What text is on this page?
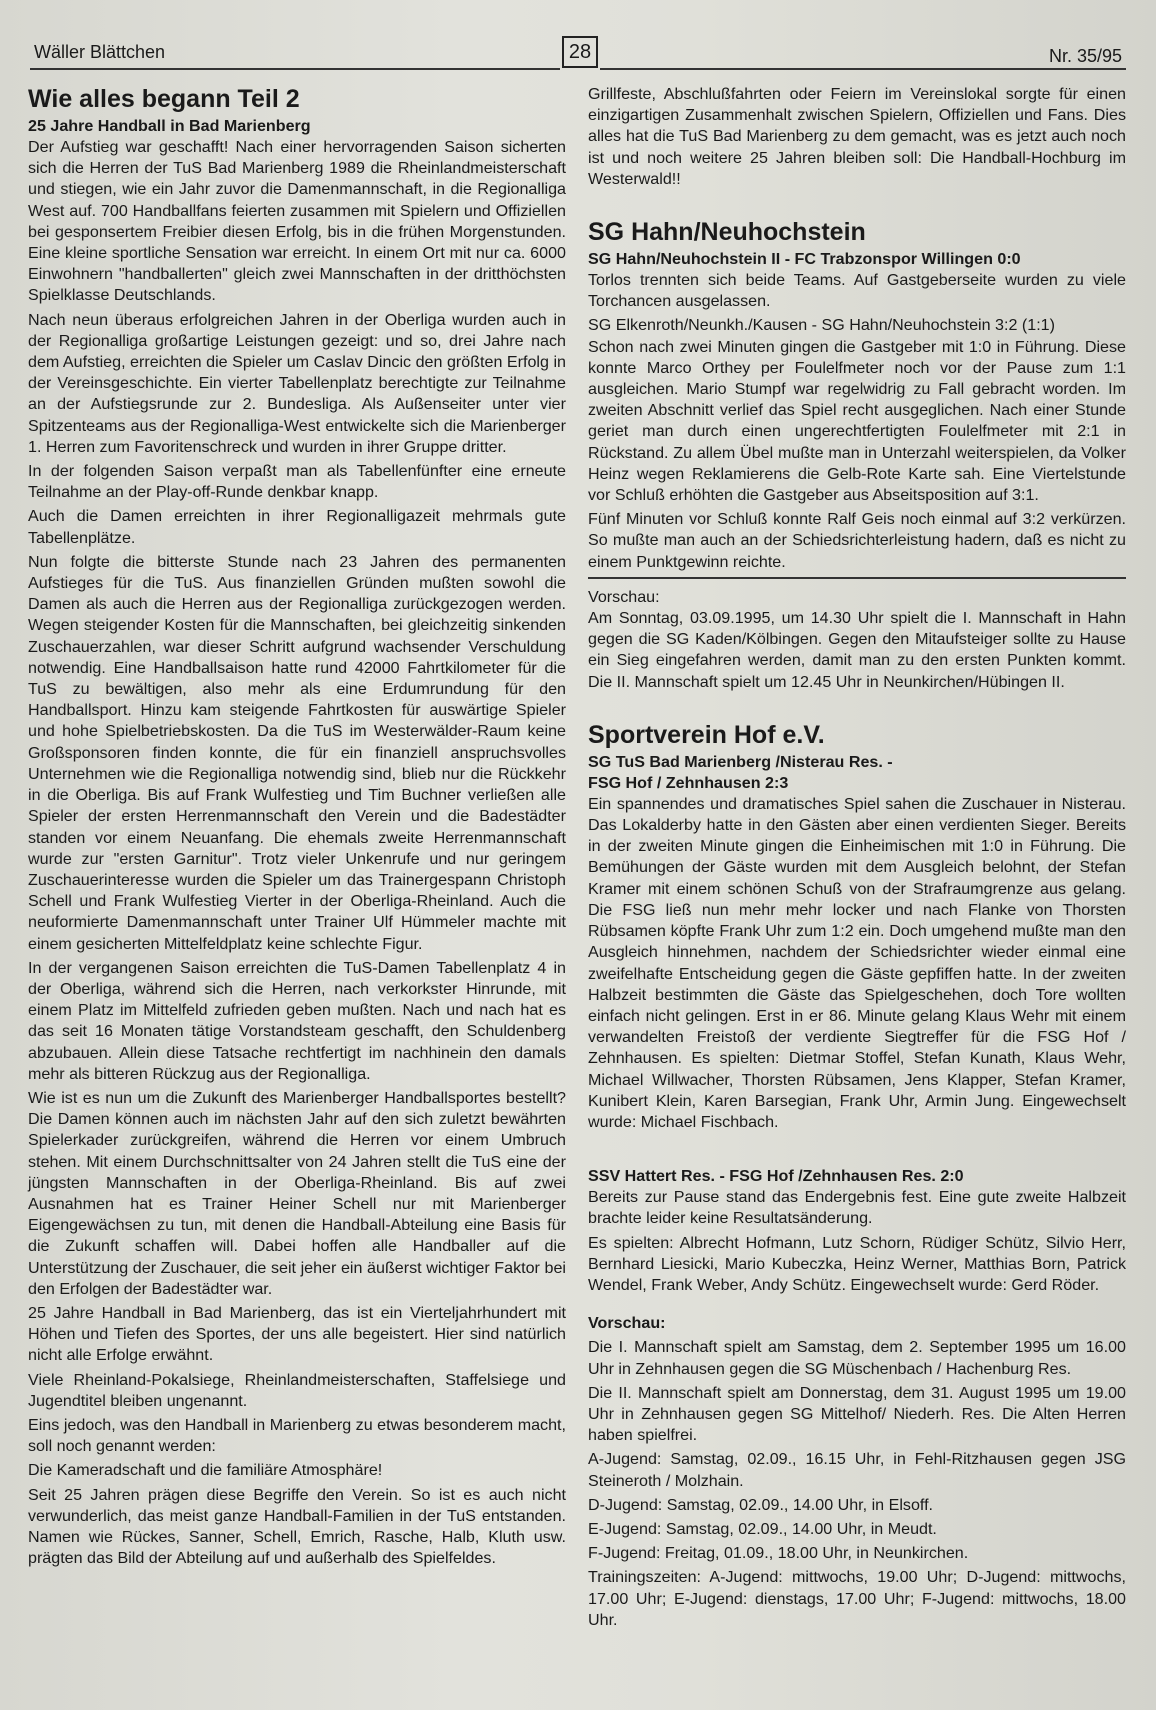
Wäller Blättchen	28	Nr. 35/95
Wie alles begann Teil 2
25 Jahre Handball in Bad Marienberg

Der Aufstieg war geschafft! Nach einer hervorragenden Saison sicherten sich die Herren der TuS Bad Marienberg 1989 die Rheinlandmeisterschaft und stiegen, wie ein Jahr zuvor die Damenmannschaft, in die Regionalliga West auf. 700 Handballfans feierten zusammen mit Spielern und Offiziellen bei gesponsertem Freibier diesen Erfolg, bis in die frühen Morgenstunden. Eine kleine sportliche Sensation war erreicht. In einem Ort mit nur ca. 6000 Einwohnern "handballerten" gleich zwei Mannschaften in der dritthöchsten Spielklasse Deutschlands.

Nach neun überaus erfolgreichen Jahren in der Oberliga wurden auch in der Regionalliga großartige Leistungen gezeigt: und so, drei Jahre nach dem Aufstieg, erreichten die Spieler um Caslav Dincic den größten Erfolg in der Vereinsgeschichte. Ein vierter Tabellenplatz berechtigte zur Teilnahme an der Aufstiegsrunde zur 2. Bundesliga. Als Außenseiter unter vier Spitzenteams aus der Regionalliga-West entwickelte sich die Marienberger 1. Herren zum Favoritenschreck und wurden in ihrer Gruppe dritter.

In der folgenden Saison verpaßt man als Tabellenfünfter eine erneute Teilnahme an der Play-off-Runde denkbar knapp.

Auch die Damen erreichten in ihrer Regionalligazeit mehrmals gute Tabellenplätze.

Nun folgte die bitterste Stunde nach 23 Jahren des permanenten Aufstieges für die TuS. Aus finanziellen Gründen mußten sowohl die Damen als auch die Herren aus der Regionalliga zurückgezogen werden. Wegen steigender Kosten für die Mannschaften, bei gleichzeitig sinkenden Zuschauerzahlen, war dieser Schritt aufgrund wachsender Verschuldung notwendig. Eine Handballsaison hatte rund 42000 Fahrtkilometer für die TuS zu bewältigen, also mehr als eine Erdumrundung für den Handballsport. Hinzu kam steigende Fahrtkosten für auswärtige Spieler und hohe Spielbetriebskosten. Da die TuS im Westerwälder-Raum keine Großsponsoren finden konnte, die für ein finanziell anspruchsvolles Unternehmen wie die Regionalliga notwendig sind, blieb nur die Rückkehr in die Oberliga. Bis auf Frank Wulfestieg und Tim Buchner verließen alle Spieler der ersten Herrenmannschaft den Verein und die Badestädter standen vor einem Neuanfang. Die ehemals zweite Herrenmannschaft wurde zur "ersten Garnitur". Trotz vieler Unkenrufe und nur geringem Zuschauerinteresse wurden die Spieler um das Trainergespann Christoph Schell und Frank Wulfestieg Vierter in der Oberliga-Rheinland. Auch die neuformierte Damenmannschaft unter Trainer Ulf Hümmeler machte mit einem gesicherten Mittelfeldplatz keine schlechte Figur.

In der vergangenen Saison erreichten die TuS-Damen Tabellenplatz 4 in der Oberliga, während sich die Herren, nach verkorkster Hinrunde, mit einem Platz im Mittelfeld zufrieden geben mußten. Nach und nach hat es das seit 16 Monaten tätige Vorstandsteam geschafft, den Schuldenberg abzubauen. Allein diese Tatsache rechtfertigt im nachhinein den damals mehr als bitteren Rückzug aus der Regionalliga.

Wie ist es nun um die Zukunft des Marienberger Handballsportes bestellt? Die Damen können auch im nächsten Jahr auf den sich zuletzt bewährten Spielerkader zurückgreifen, während die Herren vor einem Umbruch stehen. Mit einem Durchschnittsalter von 24 Jahren stellt die TuS eine der jüngsten Mannschaften in der Oberliga-Rheinland. Bis auf zwei Ausnahmen hat es Trainer Heiner Schell nur mit Marienberger Eigengewächsen zu tun, mit denen die Handball-Abteilung eine Basis für die Zukunft schaffen will. Dabei hoffen alle Handballer auf die Unterstützung der Zuschauer, die seit jeher ein äußerst wichtiger Faktor bei den Erfolgen der Badestädter war.

25 Jahre Handball in Bad Marienberg, das ist ein Vierteljahrhundert mit Höhen und Tiefen des Sportes, der uns alle begeistert. Hier sind natürlich nicht alle Erfolge erwähnt.

Viele Rheinland-Pokalsiege, Rheinlandmeisterschaften, Staffelsiege und Jugendtitel bleiben ungenannt.

Eins jedoch, was den Handball in Marienberg zu etwas besonderem macht, soll noch genannt werden:

Die Kameradschaft und die familiäre Atmosphäre!

Seit 25 Jahren prägen diese Begriffe den Verein. So ist es auch nicht verwunderlich, das meist ganze Handball-Familien in der TuS entstanden. Namen wie Rückes, Sanner, Schell, Emrich, Rasche, Halb, Kluth usw. prägten das Bild der Abteilung auf und außerhalb des Spielfeldes.

Grillfeste, Abschlußfahrten oder Feiern im Vereinslokal sorgte für einen einzigartigen Zusammenhalt zwischen Spielern, Offiziellen und Fans. Dies alles hat die TuS Bad Marienberg zu dem gemacht, was es jetzt auch noch ist und noch weitere 25 Jahren bleiben soll: Die Handball-Hochburg im Westerwald!!

SG Hahn/Neuhochstein
SG Hahn/Neuhochstein II - FC Trabzonspor Willingen 0:0

Torlos trennten sich beide Teams. Auf Gastgeberseite wurden zu viele Torchancen ausgelassen.

SG Elkenroth/Neunkh./Kausen - SG Hahn/Neuhochstein 3:2 (1:1)

Schon nach zwei Minuten gingen die Gastgeber mit 1:0 in Führung. Diese konnte Marco Orthey per Foulelfmeter noch vor der Pause zum 1:1 ausgleichen. Mario Stumpf war regelwidrig zu Fall gebracht worden. Im zweiten Abschnitt verlief das Spiel recht ausgeglichen. Nach einer Stunde geriet man durch einen ungerechtfertigten Foulelfmeter mit 2:1 in Rückstand. Zu allem Übel mußte man in Unterzahl weiterspielen, da Volker Heinz wegen Reklamierens die Gelb-Rote Karte sah. Eine Viertelstunde vor Schluß erhöhten die Gastgeber aus Abseitsposition auf 3:1.

Fünf Minuten vor Schluß konnte Ralf Geis noch einmal auf 3:2 verkürzen. So mußte man auch an der Schiedsrichterleistung hadern, daß es nicht zu einem Punktgewinn reichte.

Vorschau:

Am Sonntag, 03.09.1995, um 14.30 Uhr spielt die I. Mannschaft in Hahn gegen die SG Kaden/Kölbingen. Gegen den Mitaufsteiger sollte zu Hause ein Sieg eingefahren werden, damit man zu den ersten Punkten kommt. Die II. Mannschaft spielt um 12.45 Uhr in Neunkirchen/Hübingen II.

Sportverein Hof e.V.
SG TuS Bad Marienberg /Nisterau Res. -
FSG Hof / Zehnhausen 2:3

Ein spannendes und dramatisches Spiel sahen die Zuschauer in Nisterau. Das Lokalderby hatte in den Gästen aber einen verdienten Sieger. Bereits in der zweiten Minute gingen die Einheimischen mit 1:0 in Führung. Die Bemühungen der Gäste wurden mit dem Ausgleich belohnt, der Stefan Kramer mit einem schönen Schuß von der Strafraumgrenze aus gelang. Die FSG ließ nun mehr mehr locker und nach Flanke von Thorsten Rübsamen köpfte Frank Uhr zum 1:2 ein. Doch umgehend mußte man den Ausgleich hinnehmen, nachdem der Schiedsrichter wieder einmal eine zweifelhafte Entscheidung gegen die Gäste gepfiffen hatte. In der zweiten Halbzeit bestimmten die Gäste das Spielgeschehen, doch Tore wollten einfach nicht gelingen. Erst in er 86. Minute gelang Klaus Wehr mit einem verwandelten Freistoß der verdiente Siegtreffer für die FSG Hof / Zehnhausen. Es spielten: Dietmar Stoffel, Stefan Kunath, Klaus Wehr, Michael Willwacher, Thorsten Rübsamen, Jens Klapper, Stefan Kramer, Kunibert Klein, Karen Barsegian, Frank Uhr, Armin Jung. Eingewechselt wurde: Michael Fischbach.

SSV Hattert Res. - FSG Hof /Zehnhausen Res. 2:0

Bereits zur Pause stand das Endergebnis fest. Eine gute zweite Halbzeit brachte leider keine Resultatsänderung.

Es spielten: Albrecht Hofmann, Lutz Schorn, Rüdiger Schütz, Silvio Herr, Bernhard Liesicki, Mario Kubeczka, Heinz Werner, Matthias Born, Patrick Wendel, Frank Weber, Andy Schütz. Eingewechselt wurde: Gerd Röder.

Vorschau:

Die I. Mannschaft spielt am Samstag, dem 2. September 1995 um 16.00 Uhr in Zehnhausen gegen die SG Müschenbach / Hachenburg Res.

Die II. Mannschaft spielt am Donnerstag, dem 31. August 1995 um 19.00 Uhr in Zehnhausen gegen SG Mittelhof/ Niederh. Res. Die Alten Herren haben spielfrei.

A-Jugend: Samstag, 02.09., 16.15 Uhr, in Fehl-Ritzhausen gegen JSG Steineroth / Molzhain.

D-Jugend: Samstag, 02.09., 14.00 Uhr, in Elsoff.

E-Jugend: Samstag, 02.09., 14.00 Uhr, in Meudt.

F-Jugend: Freitag, 01.09., 18.00 Uhr, in Neunkirchen.

Trainingszeiten: A-Jugend: mittwochs, 19.00 Uhr; D-Jugend: mittwochs, 17.00 Uhr; E-Jugend: dienstags, 17.00 Uhr; F-Jugend: mittwochs, 18.00 Uhr.
